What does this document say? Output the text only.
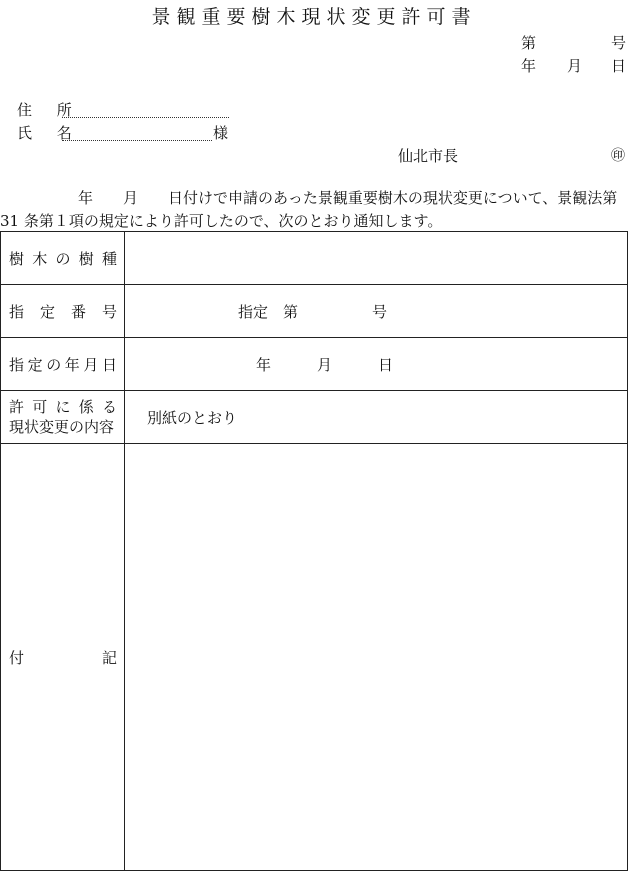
景観重要樹木現状変更許可書
第	号
年 月 日
住 所
氏 名	様
仙北市長	㊞
年 月 日付けで申請のあった景観重要樹木の現状変更について、景観法第
31 条第１項の規定により許可したので、次のとおり通知します。
樹木の樹種	
指定番号	指定　第 号
指定の年月日	年 月 日

許可に係る
現状変更の内容	別紙のとおり
付記	
